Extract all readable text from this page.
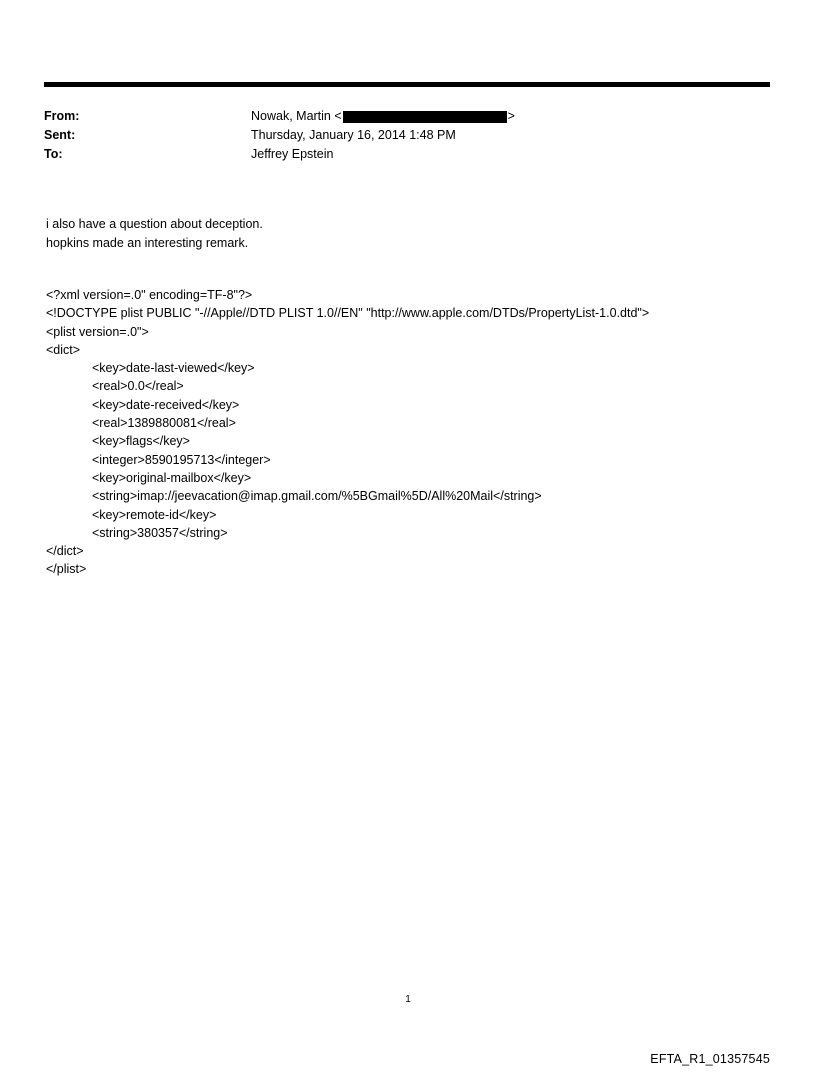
From:	Nowak, Martin <	>
Sent:	Thursday, January 16, 2014 1:48 PM
To:	Jeffrey Epstein
i also have a question about deception.
hopkins made an interesting remark.
<?xml version=.0" encoding=TF-8"?>
<!DOCTYPE plist PUBLIC "-//Apple//DTD PLIST 1.0//EN" "http://www.apple.com/DTDs/PropertyList-1.0.dtd">
<plist version=.0">
<dict>
<key>date-last-viewed</key>
<real>0.0</real>
<key>date-received</key>
<real>1389880081</real>
<key>flags</key>
<integer>8590195713</integer>
<key>original-mailbox</key>
<string>imap://jeevacation@imap.gmail.com/%5BGmail%5D/All%20Mail</string>
<key>remote-id</key>
<string>380357</string>
</dict>
</plist>
1
EFTA_R1_01357545
